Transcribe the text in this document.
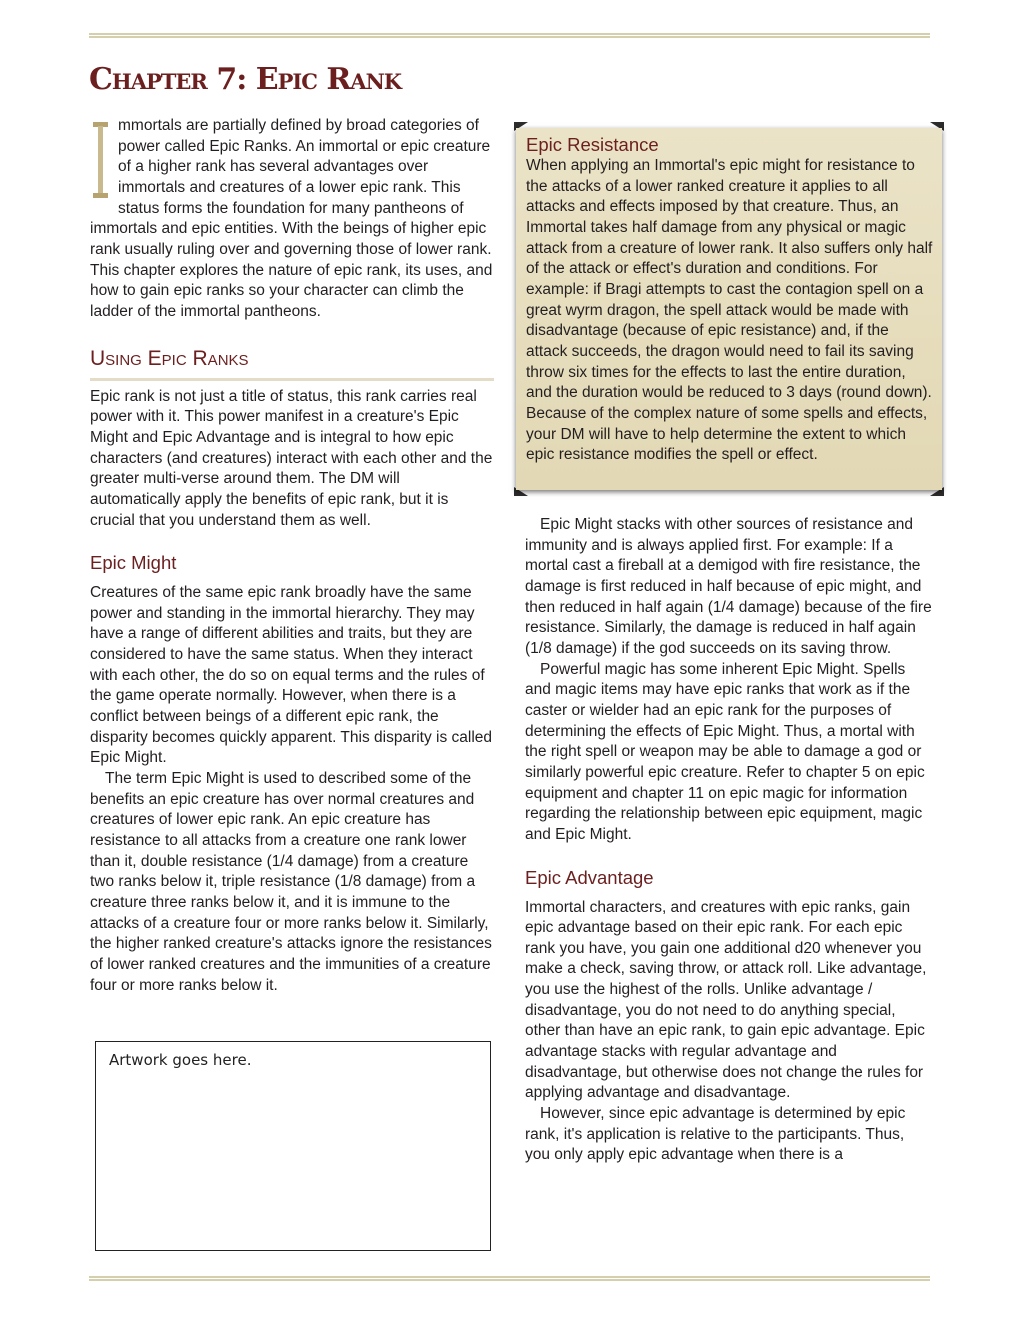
Chapter 7: Epic Rank

mmortals are partially defined by broad categories of power called Epic Ranks. An immortal or epic creature of a higher rank has several advantages over immortals and creatures of a lower epic rank. This status forms the foundation for many pantheons of immortals and epic entities. With the beings of higher epic rank usually ruling over and governing those of lower rank. This chapter explores the nature of epic rank, its uses, and how to gain epic ranks so your character can climb the ladder of the immortal pantheons.

Using Epic Ranks

Epic rank is not just a title of status, this rank carries real power with it. This power manifest in a creature's Epic Might and Epic Advantage and is integral to how epic characters (and creatures) interact with each other and the greater multi-verse around them. The DM will automatically apply the benefits of epic rank, but it is crucial that you understand them as well.

Epic Might

Creatures of the same epic rank broadly have the same power and standing in the immortal hierarchy. They may have a range of different abilities and traits, but they are considered to have the same status. When they interact with each other, the do so on equal terms and the rules of the game operate normally. However, when there is a conflict between beings of a different epic rank, the disparity becomes quickly apparent. This disparity is called Epic Might.

The term Epic Might is used to described some of the benefits an epic creature has over normal creatures and creatures of lower epic rank. An epic creature has resistance to all attacks from a creature one rank lower than it, double resistance (1/4 damage) from a creature two ranks below it, triple resistance (1/8 damage) from a creature three ranks below it, and it is immune to the attacks of a creature four or more ranks below it. Similarly, the higher ranked creature's attacks ignore the resistances of lower ranked creatures and the immunities of a creature four or more ranks below it.

Artwork goes here.
Epic Resistance

When applying an Immortal's epic might for resistance to the attacks of a lower ranked creature it applies to all attacks and effects imposed by that creature. Thus, an Immortal takes half damage from any physical or magic attack from a creature of lower rank. It also suffers only half of the attack or effect's duration and conditions. For example: if Bragi attempts to cast the contagion spell on a great wyrm dragon, the spell attack would be made with disadvantage (because of epic resistance) and, if the attack succeeds, the dragon would need to fail its saving throw six times for the effects to last the entire duration, and the duration would be reduced to 3 days (round down). Because of the complex nature of some spells and effects, your DM will have to help determine the extent to which epic resistance modifies the spell or effect.

Epic Might stacks with other sources of resistance and immunity and is always applied first. For example: If a mortal cast a fireball at a demigod with fire resistance, the damage is first reduced in half because of epic might, and then reduced in half again (1/4 damage) because of the fire resistance. Similarly, the damage is reduced in half again (1/8 damage) if the god succeeds on its saving throw.

Powerful magic has some inherent Epic Might. Spells and magic items may have epic ranks that work as if the caster or wielder had an epic rank for the purposes of determining the effects of Epic Might. Thus, a mortal with the right spell or weapon may be able to damage a god or similarly powerful epic creature. Refer to chapter 5 on epic equipment and chapter 11 on epic magic for information regarding the relationship between epic equipment, magic and Epic Might.

Epic Advantage

Immortal characters, and creatures with epic ranks, gain epic advantage based on their epic rank. For each epic rank you have, you gain one additional d20 whenever you make a check, saving throw, or attack roll. Like advantage, you use the highest of the rolls. Unlike advantage / disadvantage, you do not need to do anything special, other than have an epic rank, to gain epic advantage. Epic advantage stacks with regular advantage and disadvantage, but otherwise does not change the rules for applying advantage and disadvantage.

However, since epic advantage is determined by epic rank, it's application is relative to the participants. Thus, you only apply epic advantage when there is a
